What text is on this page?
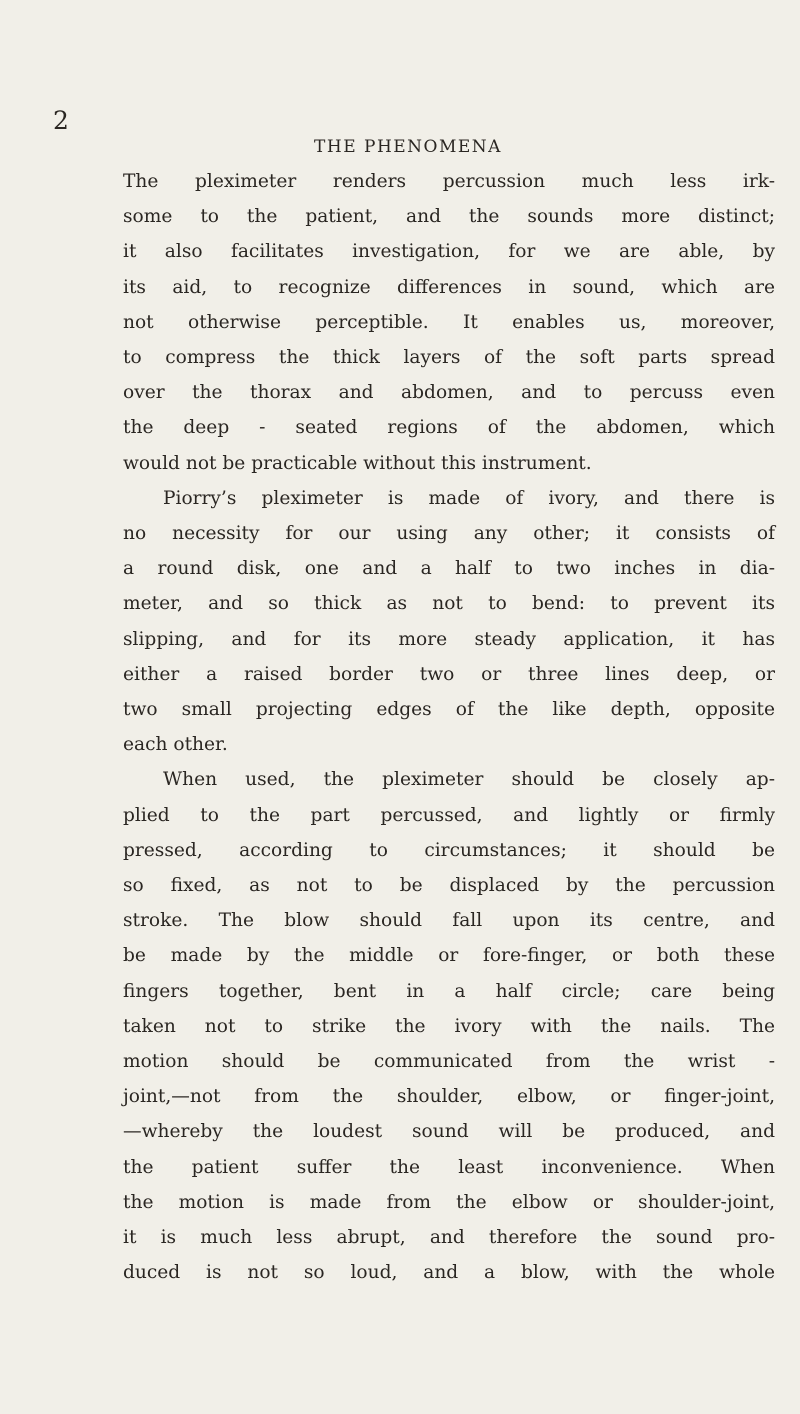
2
THE PHENOMENA
The pleximeter renders percussion much less irk-
some to the patient, and the sounds more distinct;
it also facilitates investigation, for we are able, by
its aid, to recognize differences in sound, which are
not otherwise perceptible. It enables us, moreover,
to compress the thick layers of the soft parts spread
over the thorax and abdomen, and to percuss even
the deep - seated regions of the abdomen, which
would not be practicable without this instrument.
Piorry’s pleximeter is made of ivory, and there is
no necessity for our using any other; it consists of
a round disk, one and a half to two inches in dia-
meter, and so thick as not to bend: to prevent its
slipping, and for its more steady application, it has
either a raised border two or three lines deep, or
two small projecting edges of the like depth, opposite
each other.
When used, the pleximeter should be closely ap-
plied to the part percussed, and lightly or firmly
pressed, according to circumstances; it should be
so fixed, as not to be displaced by the percussion
stroke. The blow should fall upon its centre, and
be made by the middle or fore-finger, or both these
fingers together, bent in a half circle; care being
taken not to strike the ivory with the nails. The
motion should be communicated from the wrist -
joint,—not from the shoulder, elbow, or finger-joint,
—whereby the loudest sound will be produced, and
the patient suffer the least inconvenience. When
the motion is made from the elbow or shoulder-joint,
it is much less abrupt, and therefore the sound pro-
duced is not so loud, and a blow, with the whole
